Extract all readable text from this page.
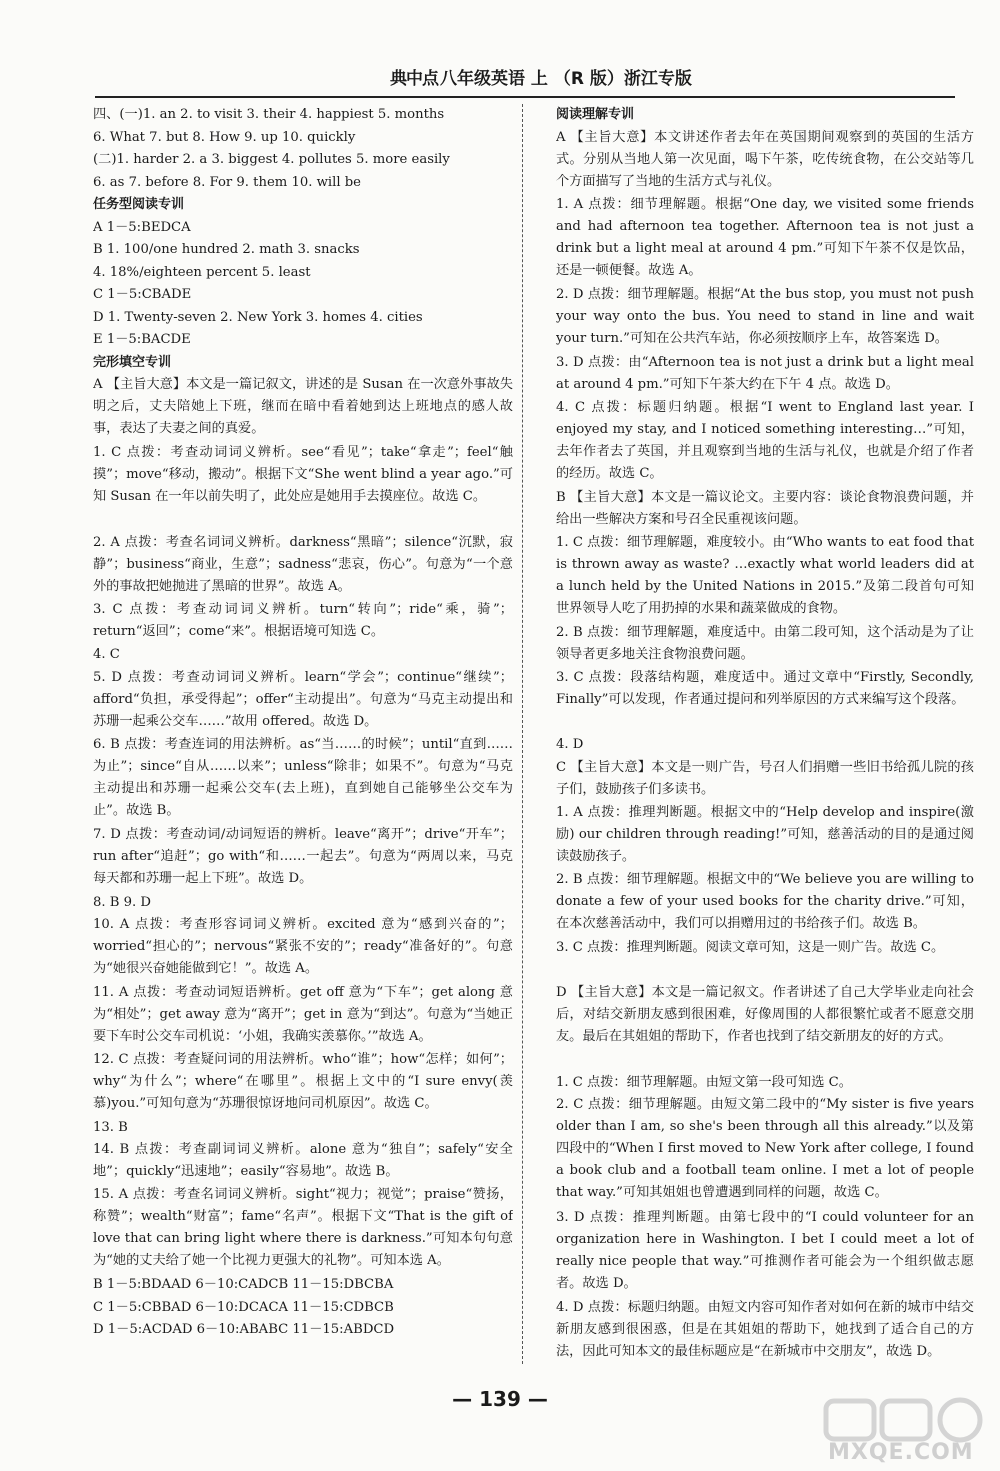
典中点 八年级英语 上 （R 版）浙江专版
四、(一)1. an 2. to visit 3. their 4. happiest 5. months
6. What 7. but 8. How 9. up 10. quickly
(二)1. harder 2. a 3. biggest 4. pollutes 5. more easily
6. as 7. before 8. For 9. them 10. will be
任务型阅读专训
A 1－5:BEDCA
B 1. 100/one hundred 2. math 3. snacks
4. 18%/eighteen percent 5. least
C 1－5:CBADE
D 1. Twenty-seven 2. New York 3. homes 4. cities
E 1－5:BACDE
完形填空专训
A 【主旨大意】本文是一篇记叙文，讲述的是 Susan 在一次意外事故失明之后，丈夫陪她上下班，继而在暗中看着她到达上班地点的感人故事，表达了夫妻之间的真爱。
1. C 点拨：考查动词词义辨析。see“看见”；take“拿走”；feel“触摸”；move“移动，搬动”。根据下文“She went blind a year ago.”可知 Susan 在一年以前失明了，此处应是她用手去摸座位。故选 C。
2. A 点拨：考查名词词义辨析。darkness“黑暗”；silence“沉默，寂静”；business“商业，生意”；sadness“悲哀，伤心”。句意为“一个意外的事故把她抛进了黑暗的世界”。故选 A。
3. C 点拨：考查动词词义辨析。turn“转向”；ride“乘，骑”；return“返回”；come“来”。根据语境可知选 C。
4. C
5. D 点拨：考查动词词义辨析。learn“学会”；continue“继续”；afford“负担，承受得起”；offer“主动提出”。句意为“马克主动提出和苏珊一起乘公交车……”故用 offered。故选 D。
6. B 点拨：考查连词的用法辨析。as“当……的时候”；until“直到……为止”；since“自从……以来”；unless“除非；如果不”。句意为“马克主动提出和苏珊一起乘公交车(去上班)，直到她自己能够坐公交车为止”。故选 B。
7. D 点拨：考查动词/动词短语的辨析。leave“离开”；drive“开车”；run after“追赶”；go with“和……一起去”。句意为“两周以来，马克每天都和苏珊一起上下班”。故选 D。
8. B 9. D
10. A 点拨：考查形容词词义辨析。excited 意为“感到兴奋的”；worried“担心的”；nervous“紧张不安的”；ready“准备好的”。句意为“她很兴奋她能做到它！”。故选 A。
11. A 点拨：考查动词短语辨析。get off 意为“下车”；get along 意为“相处”；get away 意为“离开”；get in 意为“到达”。句意为“当她正要下车时公交车司机说：‘小姐，我确实羡慕你。’”故选 A。
12. C 点拨：考查疑问词的用法辨析。who“谁”；how“怎样；如何”；why“为什么”；where“在哪里”。根据上文中的“I sure envy(羡慕)you.”可知句意为“苏珊很惊讶地问司机原因”。故选 C。
13. B
14. B 点拨：考查副词词义辨析。alone 意为“独自”；safely“安全地”；quickly“迅速地”；easily“容易地”。故选 B。
15. A 点拨：考查名词词义辨析。sight“视力；视觉”；praise“赞扬，称赞”；wealth“财富”；fame“名声”。根据下文“That is the gift of love that can bring light where there is darkness.”可知本句句意为“她的丈夫给了她一个比视力更强大的礼物”。可知本选 A。
B 1－5:BDAAD 6－10:CADCB 11－15:DBCBA
C 1－5:CBBAD 6－10:DCACA 11－15:CDBCB
D 1－5:ACDAD 6－10:ABABC 11－15:ABDCD
阅读理解专训
A 【主旨大意】本文讲述作者去年在英国期间观察到的英国的生活方式。分别从当地人第一次见面，喝下午茶，吃传统食物，在公交站等几个方面描写了当地的生活方式与礼仪。
1. A 点拨：细节理解题。根据“One day, we visited some friends and had afternoon tea together. Afternoon tea is not just a drink but a light meal at around 4 pm.”可知下午茶不仅是饮品，还是一顿便餐。故选 A。
2. D 点拨：细节理解题。根据“At the bus stop, you must not push your way onto the bus. You need to stand in line and wait your turn.”可知在公共汽车站，你必须按顺序上车，故答案选 D。
3. D 点拨：由“Afternoon tea is not just a drink but a light meal at around 4 pm.”可知下午茶大约在下午 4 点。故选 D。
4. C 点拨：标题归纳题。根据“I went to England last year. I enjoyed my stay, and I noticed something interesting…”可知，去年作者去了英国，并且观察到当地的生活与礼仪，也就是介绍了作者的经历。故选 C。
B 【主旨大意】本文是一篇议论文。主要内容：谈论食物浪费问题，并给出一些解决方案和号召全民重视该问题。
1. C 点拨：细节理解题，难度较小。由“Who wants to eat food that is thrown away as waste? …exactly what world leaders did at a lunch held by the United Nations in 2015.”及第二段首句可知世界领导人吃了用扔掉的水果和蔬菜做成的食物。
2. B 点拨：细节理解题，难度适中。由第二段可知，这个活动是为了让领导者更多地关注食物浪费问题。
3. C 点拨：段落结构题，难度适中。通过文章中“Firstly, Secondly, Finally”可以发现，作者通过提问和列举原因的方式来编写这个段落。
4. D
C 【主旨大意】本文是一则广告，号召人们捐赠一些旧书给孤儿院的孩子们，鼓励孩子们多读书。
1. A 点拨：推理判断题。根据文中的“Help develop and inspire(激励) our children through reading!”可知，慈善活动的目的是通过阅读鼓励孩子。
2. B 点拨：细节理解题。根据文中的“We believe you are willing to donate a few of your used books for the charity drive.”可知，在本次慈善活动中，我们可以捐赠用过的书给孩子们。故选 B。
3. C 点拨：推理判断题。阅读文章可知，这是一则广告。故选 C。
D 【主旨大意】本文是一篇记叙文。作者讲述了自己大学毕业走向社会后，对结交新朋友感到很困难，好像周围的人都很繁忙或者不愿意交朋友。最后在其姐姐的帮助下，作者也找到了结交新朋友的好的方式。
1. C 点拨：细节理解题。由短文第一段可知选 C。
2. C 点拨：细节理解题。由短文第二段中的“My sister is five years older than I am, so she's been through all this already.”以及第四段中的“When I first moved to New York after college, I found a book club and a football team online. I met a lot of people that way.”可知其姐姐也曾遭遇到同样的问题，故选 C。
3. D 点拨：推理判断题。由第七段中的“I could volunteer for an organization here in Washington. I bet I could meet a lot of really nice people that way.”可推测作者可能会为一个组织做志愿者。故选 D。
4. D 点拨：标题归纳题。由短文内容可知作者对如何在新的城市中结交新朋友感到很困惑，但是在其姐姐的帮助下，她找到了适合自己的方法，因此可知本文的最佳标题应是“在新城市中交朋友”，故选 D。
— 139 —
MXQE.COM
